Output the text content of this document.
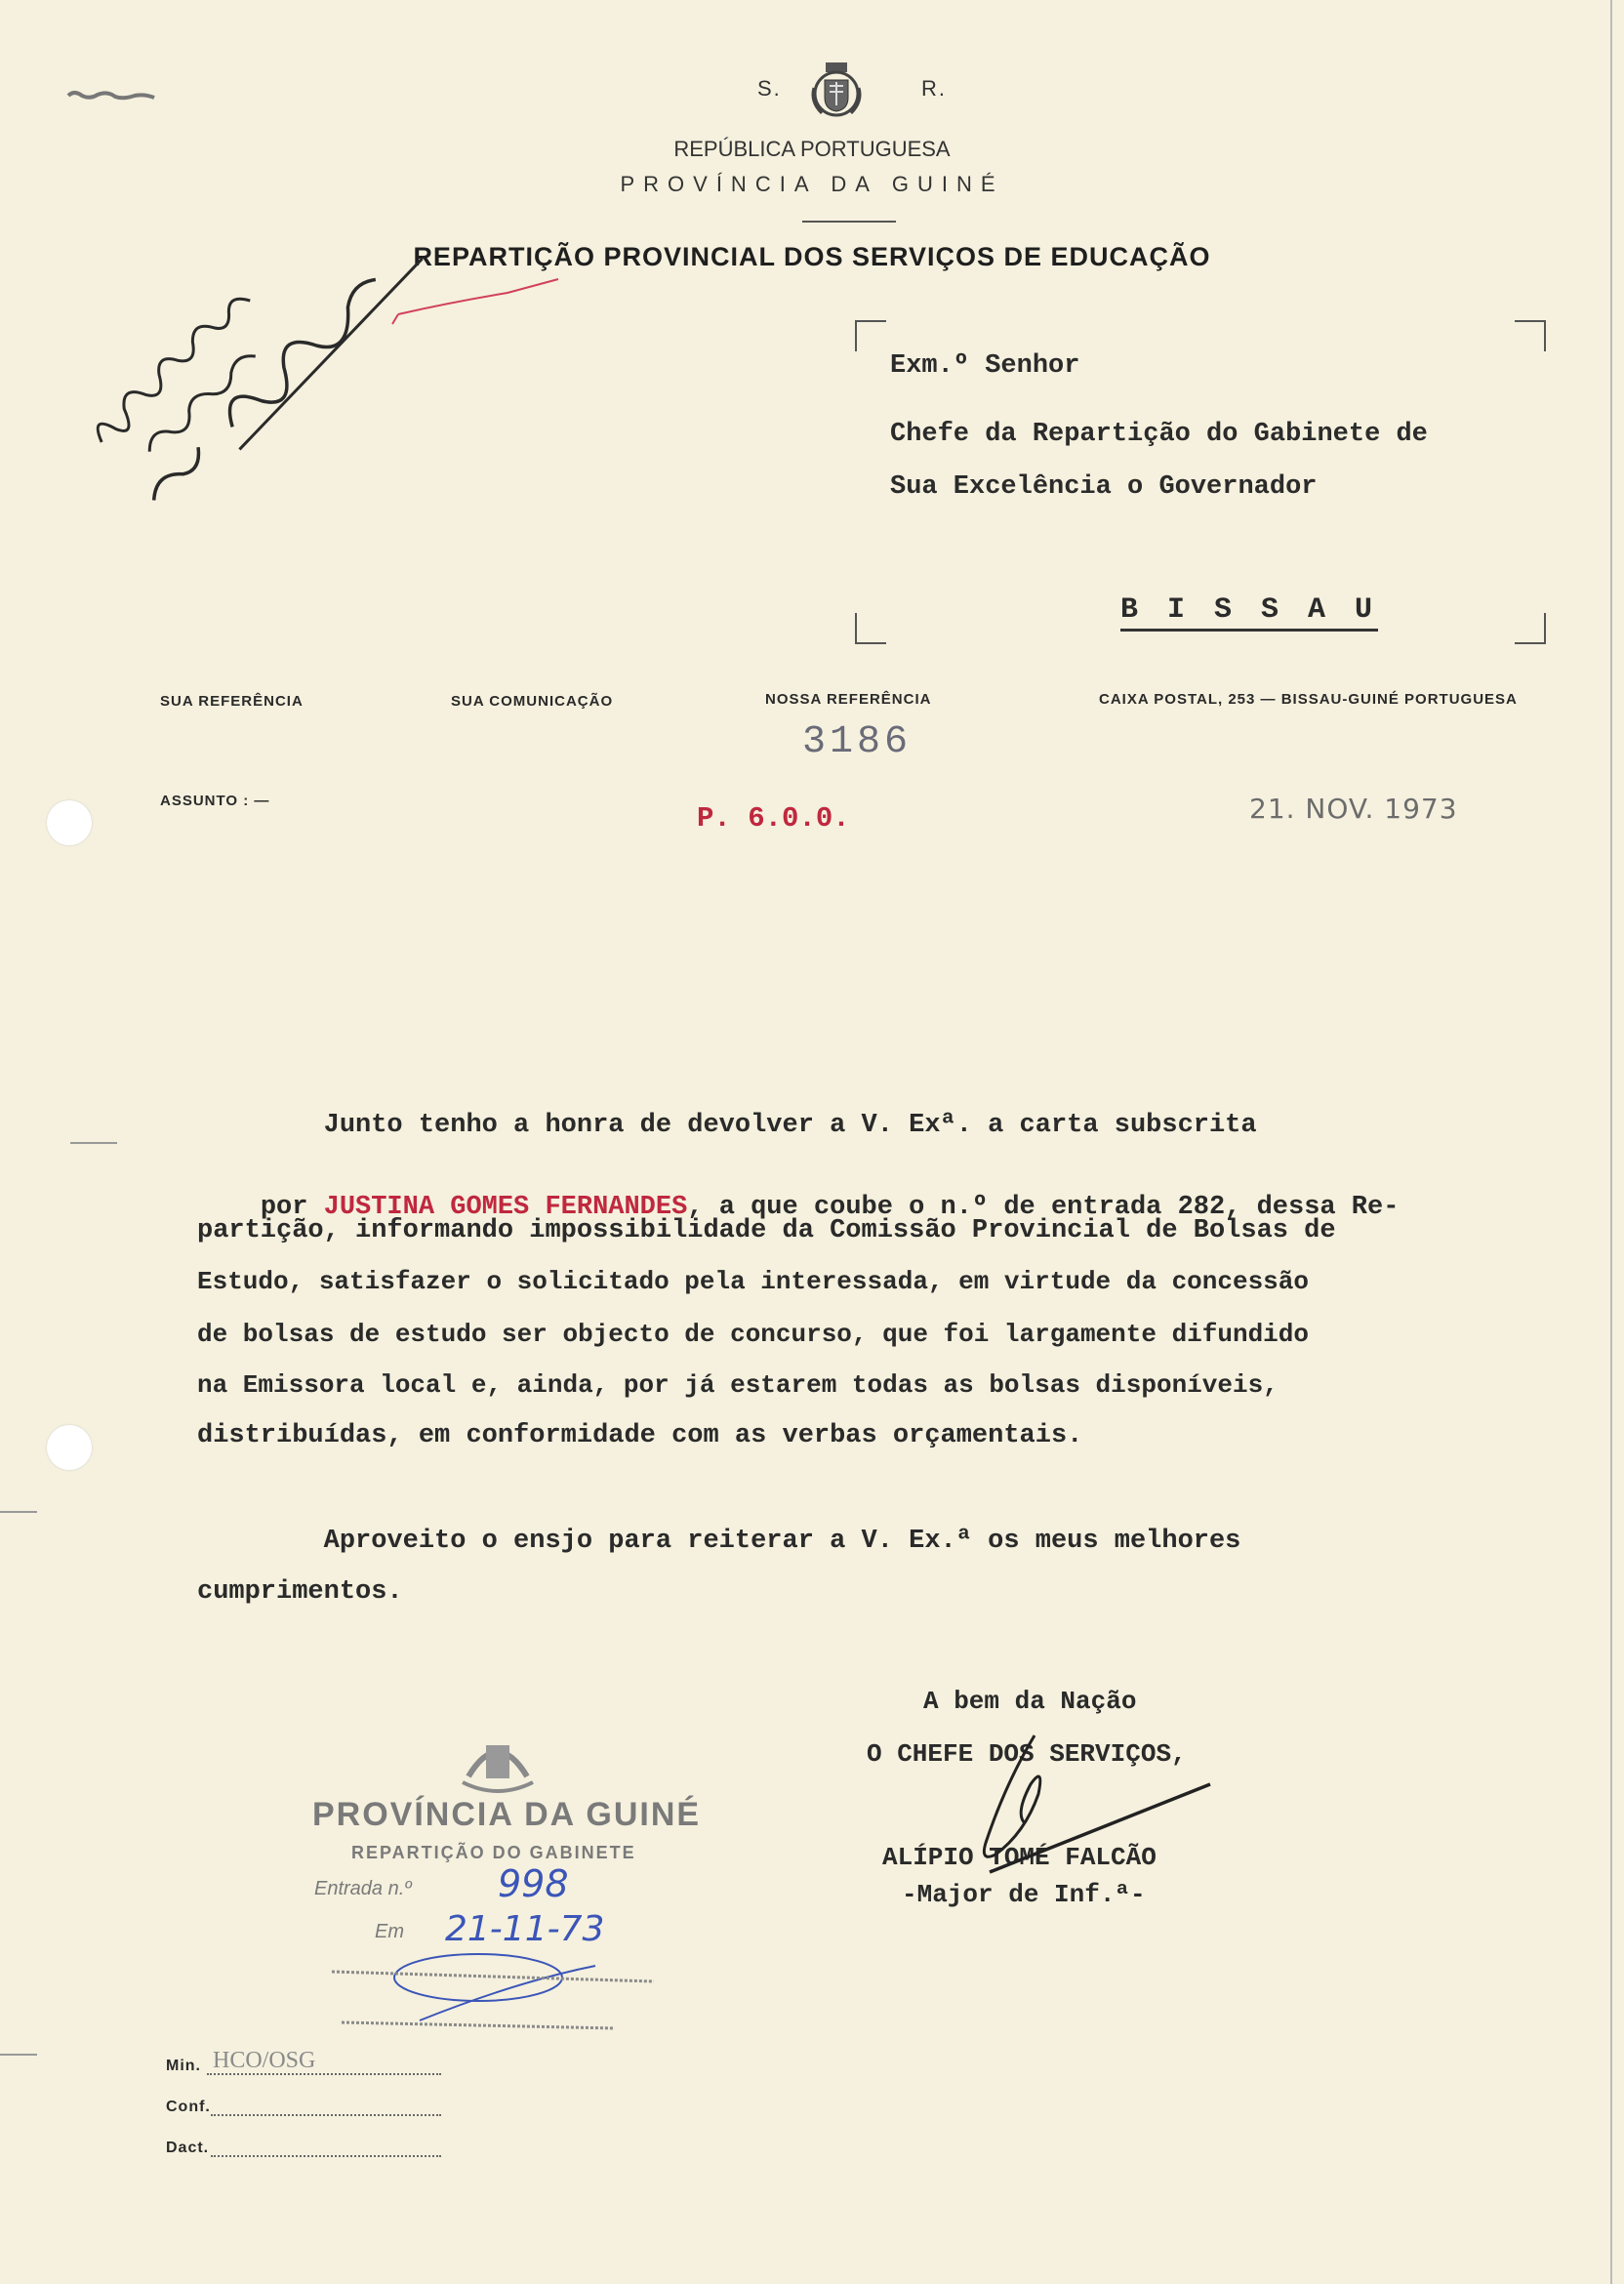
S.	R.
REPÚBLICA PORTUGUESA
PROVÍNCIA DA GUINÉ
REPARTIÇÃO PROVINCIAL DOS SERVIÇOS DE EDUCAÇÃO
Exm.º Senhor
Chefe da Repartição do Gabinete de
Sua Excelência o Governador
B I S S A U
SUA REFERÊNCIA	SUA COMUNICAÇÃO	NOSSA REFERÊNCIA	CAIXA POSTAL, 253 — BISSAU-GUINÉ PORTUGUESA
3186
ASSUNTO : —
P. 6.0.0.	21. NOV. 1973
Junto tenho a honra de devolver a V. Exª. a carta subscrita

por JUSTINA GOMES FERNANDES, a que coube o n.º de entrada 282, dessa Re-

partição, informando impossibilidade da Comissão Provincial de Bolsas de
Estudo, satisfazer o solicitado pela interessada, em virtude da concessão
de bolsas de estudo ser objecto de concurso, que foi largamente difundido
na Emissora local e, ainda, por já estarem todas as bolsas disponíveis,
distribuídas, em conformidade com as verbas orçamentais.
Aproveito o ensjo para reiterar a V. Ex.ª os meus melhores
cumprimentos.
A bem da Nação
O CHEFE DOS SERVIÇOS,
ALÍPIO TOMÉ FALCÃO
-Major de Inf.ª-
PROVÍNCIA DA GUINÉ
REPARTIÇÃO DO GABINETE
Entrada n.º 998
Em 21-11-73
Min. HCO/OSG
Conf.
Dact.
